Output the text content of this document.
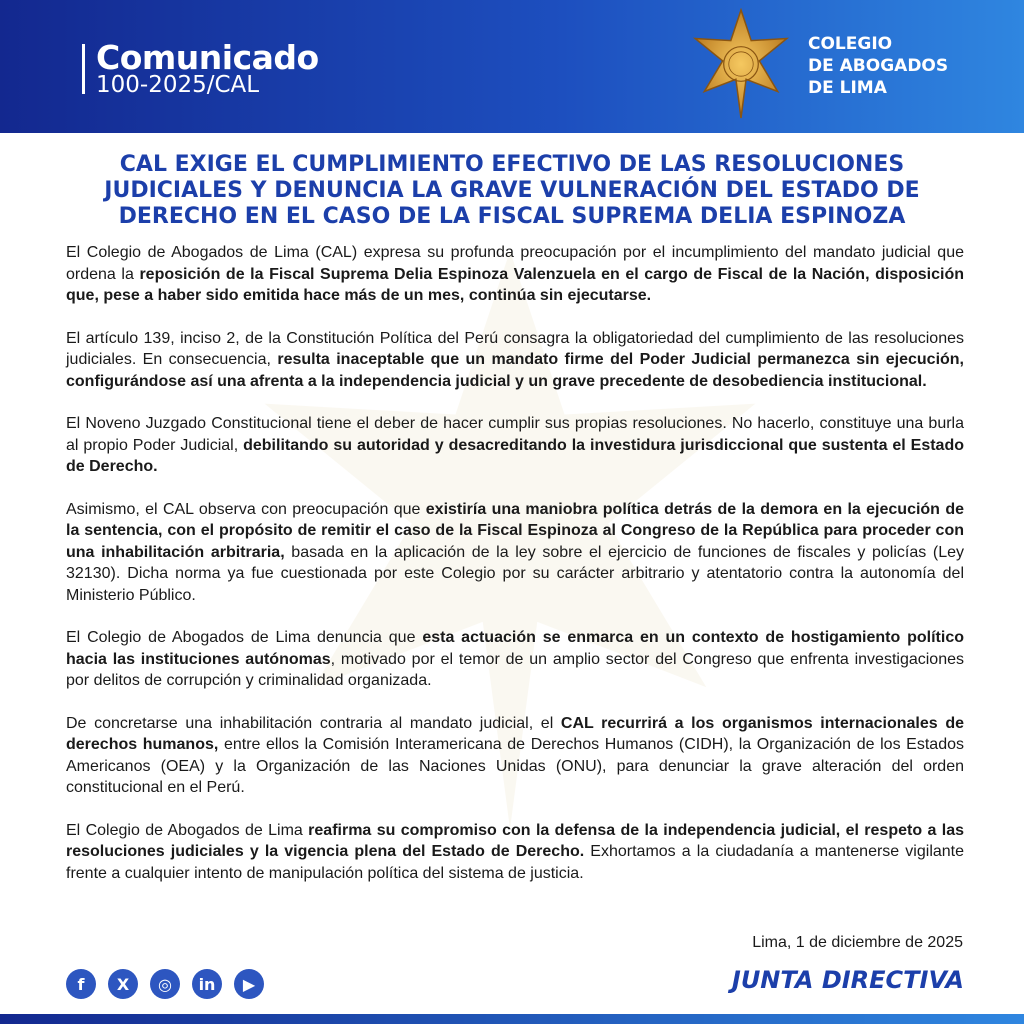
Comunicado
100-2025/CAL
COLEGIO
DE ABOGADOS
DE LIMA
CAL EXIGE EL CUMPLIMIENTO EFECTIVO DE LAS RESOLUCIONES
JUDICIALES Y DENUNCIA LA GRAVE VULNERACIÓN DEL ESTADO DE
DERECHO EN EL CASO DE LA FISCAL SUPREMA DELIA ESPINOZA

El Colegio de Abogados de Lima (CAL) expresa su profunda preocupación por el incumplimiento del mandato judicial que ordena la reposición de la Fiscal Suprema Delia Espinoza Valenzuela en el cargo de Fiscal de la Nación, disposición que, pese a haber sido emitida hace más de un mes, continúa sin ejecutarse.

El artículo 139, inciso 2, de la Constitución Política del Perú consagra la obligatoriedad del cumplimiento de las resoluciones judiciales. En consecuencia, resulta inaceptable que un mandato firme del Poder Judicial permanezca sin ejecución, configurándose así una afrenta a la independencia judicial y un grave precedente de desobediencia institucional.

El Noveno Juzgado Constitucional tiene el deber de hacer cumplir sus propias resoluciones. No hacerlo, constituye una burla al propio Poder Judicial, debilitando su autoridad y desacreditando la investidura jurisdiccional que sustenta el Estado de Derecho.

Asimismo, el CAL observa con preocupación que existiría una maniobra política detrás de la demora en la ejecución de la sentencia, con el propósito de remitir el caso de la Fiscal Espinoza al Congreso de la República para proceder con una inhabilitación arbitraria, basada en la aplicación de la ley sobre el ejercicio de funciones de fiscales y policías (Ley 32130). Dicha norma ya fue cuestionada por este Colegio por su carácter arbitrario y atentatorio contra la autonomía del Ministerio Público.

El Colegio de Abogados de Lima denuncia que esta actuación se enmarca en un contexto de hostigamiento político hacia las instituciones autónomas, motivado por el temor de un amplio sector del Congreso que enfrenta investigaciones por delitos de corrupción y criminalidad organizada.

De concretarse una inhabilitación contraria al mandato judicial, el CAL recurrirá a los organismos internacionales de derechos humanos, entre ellos la Comisión Interamericana de Derechos Humanos (CIDH), la Organización de los Estados Americanos (OEA) y la Organización de las Naciones Unidas (ONU), para denunciar la grave alteración del orden constitucional en el Perú.

El Colegio de Abogados de Lima reafirma su compromiso con la defensa de la independencia judicial, el respeto a las resoluciones judiciales y la vigencia plena del Estado de Derecho. Exhortamos a la ciudadanía a mantenerse vigilante frente a cualquier intento de manipulación política del sistema de justicia.

Lima, 1 de diciembre de 2025
f	X	◎	in	▶	JUNTA DIRECTIVA
